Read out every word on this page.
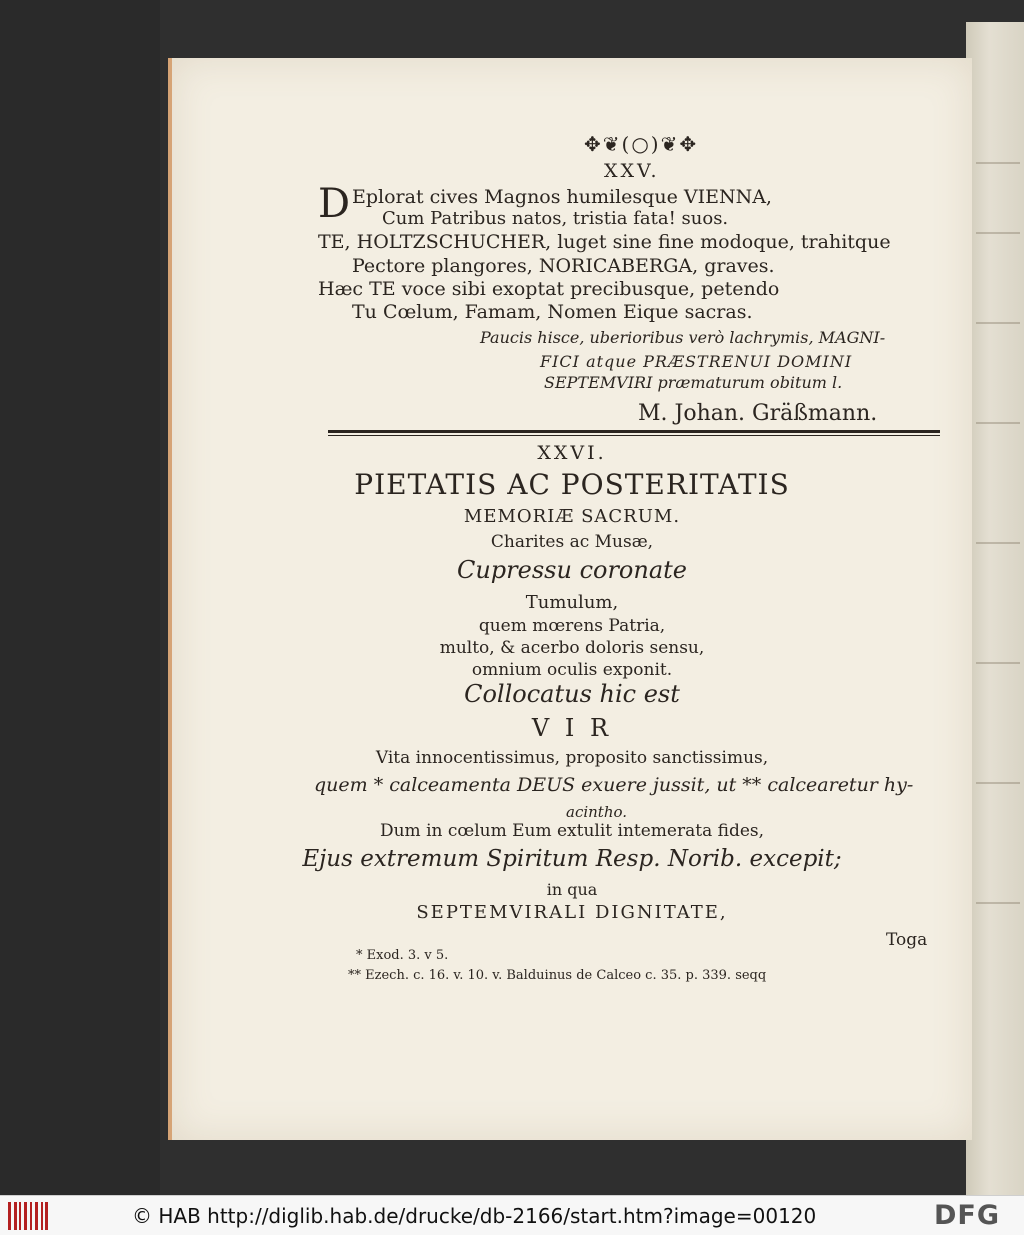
✥❦(○)❦✥
XXV.
D Eplorat cives Magnos humilesque VIENNA,
Cum Patribus natos, tristia fata! suos.
TE, HOLTZSCHUCHER, luget sine fine modoque, trahitque
Pectore plangores, NORICABERGA, graves.
Hæc TE voce sibi exoptat precibusque, petendo
Tu Cœlum, Famam, Nomen Eique sacras.
Paucis hisce, uberioribus verò lachrymis, MAGNI-
FICI atque PRÆSTRENUI DOMINI
SEPTEMVIRI præmaturum obitum l.
M. Johan. Gräßmann.
XXVI.
PIETATIS AC POSTERITATIS
MEMORIÆ SACRUM.
Charites ac Musæ,
Cupressu coronate
Tumulum,
quem mœrens Patria,
multo, & acerbo doloris sensu,
omnium oculis exponit.
Collocatus hic est
V I R
Vita innocentissimus, proposito sanctissimus,
quem * calceamenta DEUS exuere jussit, ut ** calcearetur hy-
acintho.
Dum in cœlum Eum extulit intemerata fides,
Ejus extremum Spiritum Resp. Norib. excepit;
in qua
SEPTEMVIRALI DIGNITATE,
Toga
* Exod. 3. v 5.
** Ezech. c. 16. v. 10. v. Balduinus de Calceo c. 35. p. 339. seqq
© HAB http://diglib.hab.de/drucke/db-2166/start.htm?image=00120	DFG
